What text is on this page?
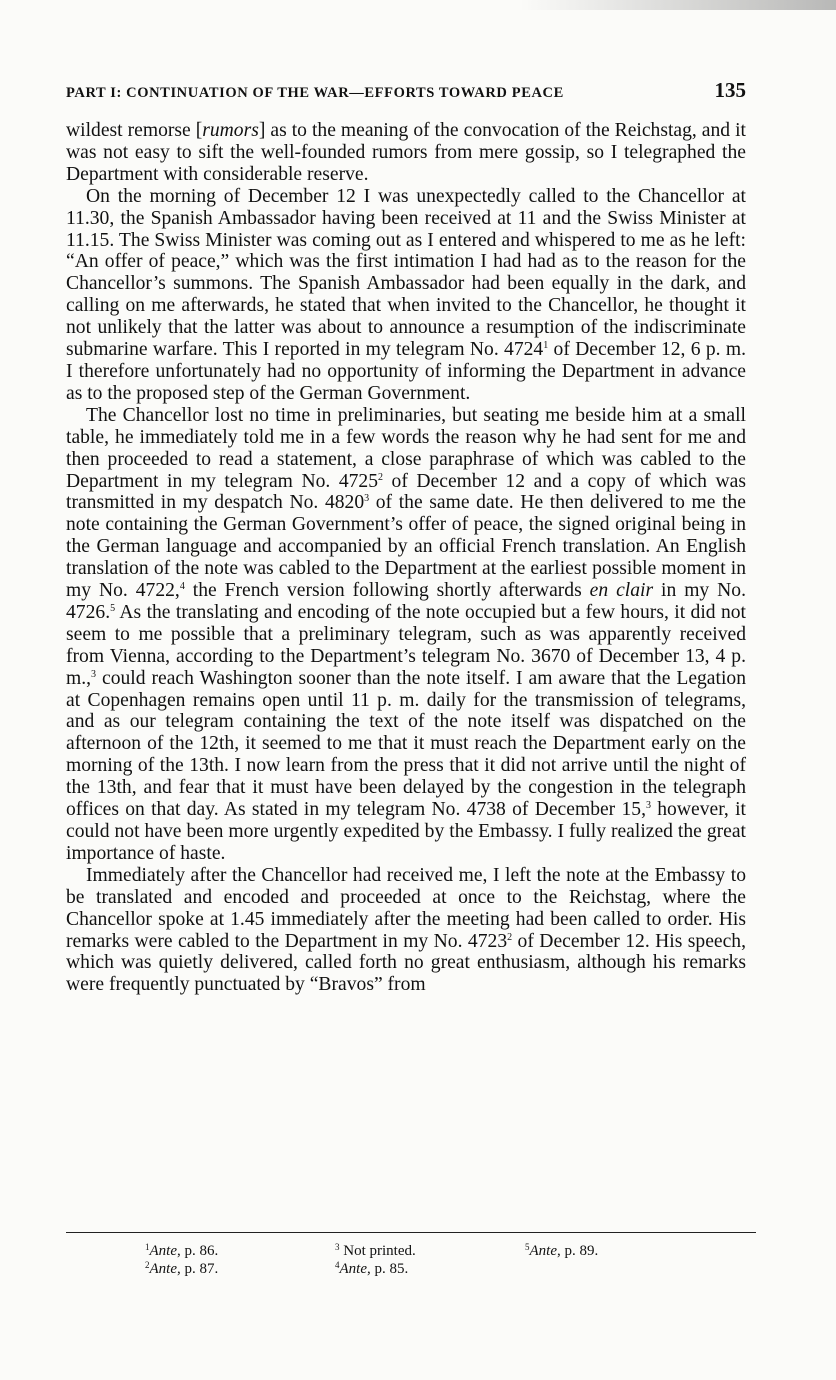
PART I: CONTINUATION OF THE WAR—EFFORTS TOWARD PEACE	135

wildest remorse [rumors] as to the meaning of the convocation of the Reichstag, and it was not easy to sift the well-founded rumors from mere gossip, so I telegraphed the Department with considerable reserve.

On the morning of December 12 I was unexpectedly called to the Chancellor at 11.30, the Spanish Ambassador having been received at 11 and the Swiss Minister at 11.15. The Swiss Minister was coming out as I entered and whispered to me as he left: “An offer of peace,” which was the first intimation I had had as to the reason for the Chancellor’s summons. The Spanish Ambassador had been equally in the dark, and calling on me afterwards, he stated that when invited to the Chancellor, he thought it not unlikely that the latter was about to announce a resumption of the indiscriminate submarine warfare. This I reported in my telegram No. 4724$^1$ of December 12, 6 p. m. I therefore unfortunately had no opportunity of informing the Department in advance as to the proposed step of the German Government.

The Chancellor lost no time in preliminaries, but seating me beside him at a small table, he immediately told me in a few words the reason why he had sent for me and then proceeded to read a statement, a close paraphrase of which was cabled to the Department in my telegram No. 4725$^2$ of December 12 and a copy of which was transmitted in my despatch No. 4820$^3$ of the same date. He then delivered to me the note containing the German Government’s offer of peace, the signed original being in the German language and accompanied by an official French translation. An English translation of the note was cabled to the Department at the earliest possible moment in my No. 4722,$^4$ the French version following shortly afterwards en clair in my No. 4726.$^5$ As the translating and encoding of the note occupied but a few hours, it did not seem to me possible that a preliminary telegram, such as was apparently received from Vienna, according to the Department’s telegram No. 3670 of December 13, 4 p. m.,$^3$ could reach Washington sooner than the note itself. I am aware that the Legation at Copenhagen remains open until 11 p. m. daily for the transmission of telegrams, and as our telegram containing the text of the note itself was dispatched on the afternoon of the 12th, it seemed to me that it must reach the Department early on the morning of the 13th. I now learn from the press that it did not arrive until the night of the 13th, and fear that it must have been delayed by the congestion in the telegraph offices on that day. As stated in my telegram No. 4738 of December 15,$^3$ however, it could not have been more urgently expedited by the Embassy. I fully realized the great importance of haste.

Immediately after the Chancellor had received me, I left the note at the Embassy to be translated and encoded and proceeded at once to the Reichstag, where the Chancellor spoke at 1.45 immediately after the meeting had been called to order. His remarks were cabled to the Department in my No. 4723$^2$ of December 12. His speech, which was quietly delivered, called forth no great enthusiasm, although his remarks were frequently punctuated by “Bravos” from

$^1$Ante, p. 86.	$^3$ Not printed.	$^5$Ante, p. 89.
$^2$Ante, p. 87.	$^4$Ante, p. 85.
